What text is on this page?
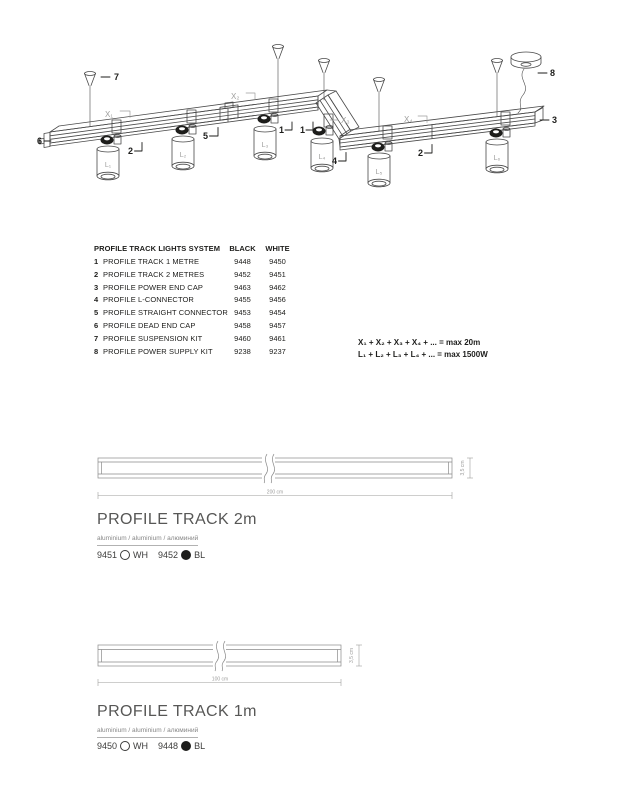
L₁
L₂
L₃
L₄
L₅
L₆
6
7
2
5
1 1
4
2
3
8
X₁
X₂
X₃	X₄
PROFILE TRACK LIGHTS SYSTEM	BLACK	WHITE
1 PROFILE TRACK 1 METRE	9448	9450
2 PROFILE TRACK 2 METRES	9452	9451
3 PROFILE POWER END CAP	9463	9462
4 PROFILE L-CONNECTOR	9455	9456
5 PROFILE STRAIGHT CONNECTOR 9453	9454
6 PROFILE DEAD END CAP	9458	9457
7 PROFILE SUSPENSION KIT	9460	9461
8 PROFILE POWER SUPPLY KIT	9238	9237
X₁ + X₂ + X₃ + X₄ + ... = max 20m
L₁ + L₂ + L₃ + L₄ + ... = max 1500W
200 cm
3,5 cm
PROFILE TRACK 2m
aluminium / aluminium / алюминий
9451 WH 9452 BL
100 cm
3,5 cm
PROFILE TRACK 1m
aluminium / aluminium / алюминий
9450 WH 9448 BL
